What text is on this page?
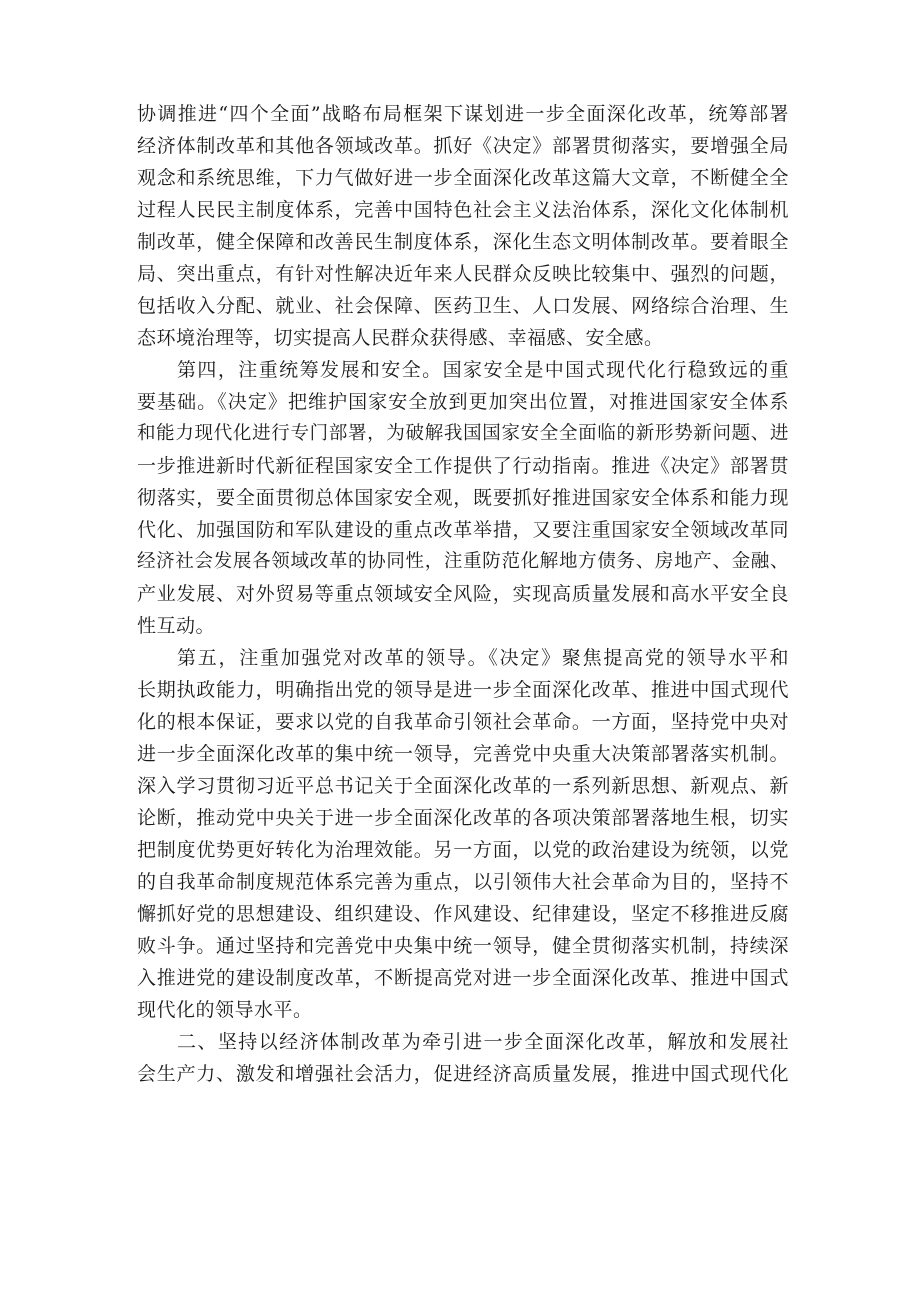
协调推进“四个全面”战略布局框架下谋划进一步全面深化改革，统筹部署
经济体制改革和其他各领域改革。抓好《决定》部署贯彻落实，要增强全局
观念和系统思维，下力气做好进一步全面深化改革这篇大文章，不断健全全
过程人民民主制度体系，完善中国特色社会主义法治体系，深化文化体制机
制改革，健全保障和改善民生制度体系，深化生态文明体制改革。要着眼全
局、突出重点，有针对性解决近年来人民群众反映比较集中、强烈的问题，
包括收入分配、就业、社会保障、医药卫生、人口发展、网络综合治理、生
态环境治理等，切实提高人民群众获得感、幸福感、安全感。
第四，注重统筹发展和安全。国家安全是中国式现代化行稳致远的重
要基础。《决定》把维护国家安全放到更加突出位置，对推进国家安全体系
和能力现代化进行专门部署，为破解我国国家安全全面临的新形势新问题、进
一步推进新时代新征程国家安全工作提供了行动指南。推进《决定》部署贯
彻落实，要全面贯彻总体国家安全观，既要抓好推进国家安全体系和能力现
代化、加强国防和军队建设的重点改革举措，又要注重国家安全领域改革同
经济社会发展各领域改革的协同性，注重防范化解地方债务、房地产、金融、
产业发展、对外贸易等重点领域安全风险，实现高质量发展和高水平安全良
性互动。
第五，注重加强党对改革的领导。《决定》聚焦提高党的领导水平和
长期执政能力，明确指出党的领导是进一步全面深化改革、推进中国式现代
化的根本保证，要求以党的自我革命引领社会革命。一方面，坚持党中央对
进一步全面深化改革的集中统一领导，完善党中央重大决策部署落实机制。
深入学习贯彻习近平总书记关于全面深化改革的一系列新思想、新观点、新
论断，推动党中央关于进一步全面深化改革的各项决策部署落地生根，切实
把制度优势更好转化为治理效能。另一方面，以党的政治建设为统领，以党
的自我革命制度规范体系完善为重点，以引领伟大社会革命为目的，坚持不
懈抓好党的思想建设、组织建设、作风建设、纪律建设，坚定不移推进反腐
败斗争。通过坚持和完善党中央集中统一领导，健全贯彻落实机制，持续深
入推进党的建设制度改革，不断提高党对进一步全面深化改革、推进中国式
现代化的领导水平。
二、坚持以经济体制改革为牵引进一步全面深化改革，解放和发展社
会生产力、激发和增强社会活力，促进经济高质量发展，推进中国式现代化
